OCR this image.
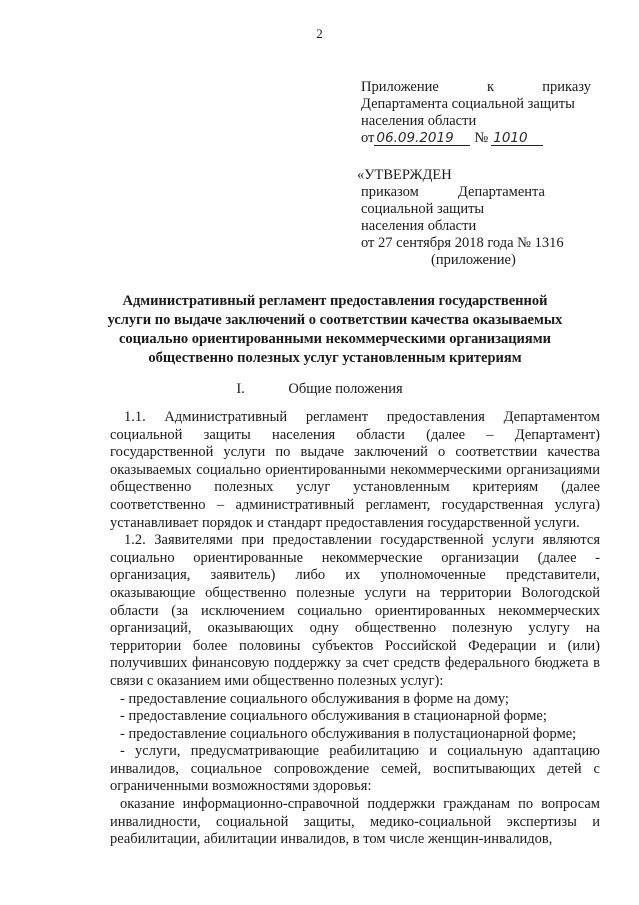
2
Приложение	к	приказу
Департамента социальной защиты
населения области
от 06.09.2019	№ 1010
«УТВЕРЖДЕН
приказом	Департамента
социальной защиты
населения области
от 27 сентября 2018 года № 1316
(приложение)
Административный регламент предоставления государственной
услуги по выдаче заключений о соответствии качества оказываемых
социально ориентированными некоммерческими организациями
общественно полезных услуг установленным критериям
I.	Общие положения

1.1. Административный регламент предоставления Департаментом социальной защиты населения области (далее – Департамент) государственной услуги по выдаче заключений о соответствии качества оказываемых социально ориентированными некоммерческими организациями общественно полезных услуг установленным критериям (далее соответственно – административный регламент, государственная услуга) устанавливает порядок и стандарт предоставления государственной услуги.

1.2. Заявителями при предоставлении государственной услуги являются социально ориентированные некоммерческие организации (далее - организация, заявитель) либо их уполномоченные представители, оказывающие общественно полезные услуги на территории Вологодской области (за исключением социально ориентированных некоммерческих организаций, оказывающих одну общественно полезную услугу на территории более половины субъектов Российской Федерации и (или) получивших финансовую поддержку за счет средств федерального бюджета в связи с оказанием ими общественно полезных услуг):

- предоставление социального обслуживания в форме на дому;

- предоставление социального обслуживания в стационарной форме;

- предоставление социального обслуживания в полустационарной форме;

- услуги, предусматривающие реабилитацию и социальную адаптацию инвалидов, социальное сопровождение семей, воспитывающих детей с ограниченными возможностями здоровья:

оказание информационно-справочной поддержки гражданам по вопросам инвалидности, социальной защиты, медико-социальной экспертизы и реабилитации, абилитации инвалидов, в том числе женщин-инвалидов,
